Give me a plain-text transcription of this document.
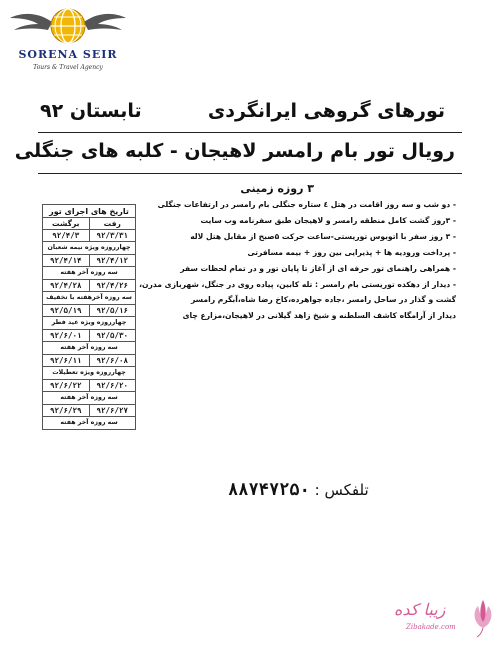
SORENA SEIR
Tours & Travel Agency
تورهای گروهی ایرانگردی
تابستان ۹۲
رویال تور بام رامسر لاهیجان - کلبه های جنگلی
۳ روزه زمینی
- دو شب و سه روز اقامت در هتل ٤ ستاره جنگلی بام رامسر در ارتفاعات جنگلی
- ۳روز گشت کامل منطقه رامسر و لاهیجان طبق سفرنامه وب سایت
- ۳ روز سفر با اتوبوس توریستی-ساعت حرکت ۵صبح از مقابل هتل لاله
- پرداخت ورودیه ها + پذیرایی بین روز + بیمه مسافرتی
- همراهی راهنمای تور حرفه ای از آغاز تا پایان تور و در تمام لحظات سفر
- دیدار از دهکده توریستی بام رامسر : تله کابین، پیاده روی در جنگل، شهربازی مدرن،
گشت و گذار در ساحل رامسر ،جاده جواهرده،کاخ رضا شاه،آبگرم رامسر
دیدار از آرامگاه کاشف السلطنه و شیخ زاهد گیلانی در لاهیجان،مزارع چای
تاریخ های اجرای تور
رفت
برگشت
۹۲/۳/۳۱
۹۲/۴/۳
چهارروزه ویژه نیمه شعبان
۹۲/۴/۱۲
۹۲/۴/۱۴
سه روزه آخر هفته
۹۲/۴/۲۶
۹۲/۴/۲۸
سه روزه آخرهفته با تخفیف
۹۲/۵/۱۶
۹۲/۵/۱۹
چهارروزه ویژه عید فطر
۹۲/۵/۳۰
۹۲/۶/۰۱
سه روزه آخر هفته
۹۲/۶/۰۸
۹۲/۶/۱۱
چهارروزه ویژه تعطیلات
۹۲/۶/۲۰
۹۲/۶/۲۲
سه روزه آخر هفته
۹۲/۶/۲۷
۹۲/۶/۲۹
سه روزه آخر هفته
تلفکس : ۸۸۷۴۷۲۵۰
زیبا کده
Zibakade.com
